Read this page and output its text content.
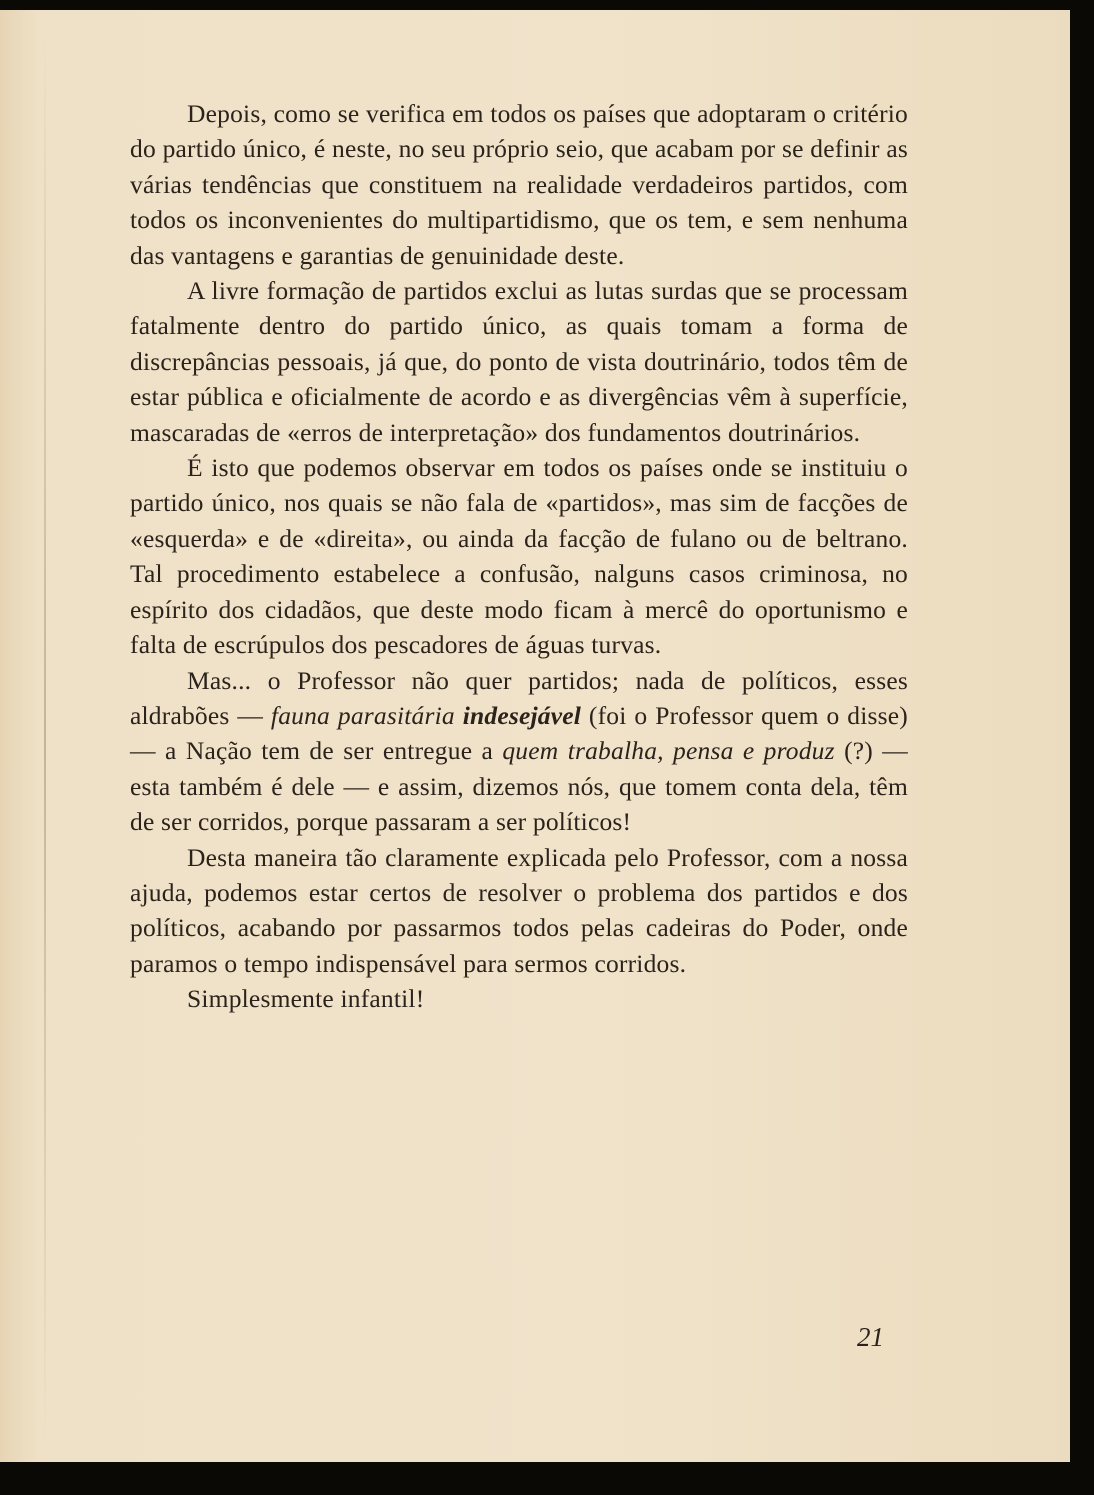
Depois, como se verifica em todos os países que adoptaram o critério do partido único, é neste, no seu próprio seio, que acabam por se definir as várias tendências que constituem na realidade verdadeiros partidos, com todos os inconvenientes do multipartidismo, que os tem, e sem nenhuma das vantagens e garantias de genuinidade deste.

A livre formação de partidos exclui as lutas surdas que se processam fatalmente dentro do partido único, as quais tomam a forma de discrepâncias pessoais, já que, do ponto de vista doutrinário, todos têm de estar pública e oficialmente de acordo e as divergências vêm à superfície, mascaradas de «erros de interpretação» dos fundamentos doutrinários.

É isto que podemos observar em todos os países onde se instituiu o partido único, nos quais se não fala de «partidos», mas sim de facções de «esquerda» e de «direita», ou ainda da facção de fulano ou de beltrano. Tal procedimento estabelece a confusão, nalguns casos criminosa, no espírito dos cidadãos, que deste modo ficam à mercê do oportunismo e falta de escrúpulos dos pescadores de águas turvas.

Mas... o Professor não quer partidos; nada de políticos, esses aldrabões — fauna parasitária indesejável (foi o Professor quem o disse) — a Nação tem de ser entregue a quem trabalha, pensa e produz (?) — esta também é dele — e assim, dizemos nós, que tomem conta dela, têm de ser corridos, porque passaram a ser políticos!

Desta maneira tão claramente explicada pelo Professor, com a nossa ajuda, podemos estar certos de resolver o problema dos partidos e dos políticos, acabando por passarmos todos pelas cadeiras do Poder, onde paramos o tempo indispensável para sermos corridos.

Simplesmente infantil!

21
